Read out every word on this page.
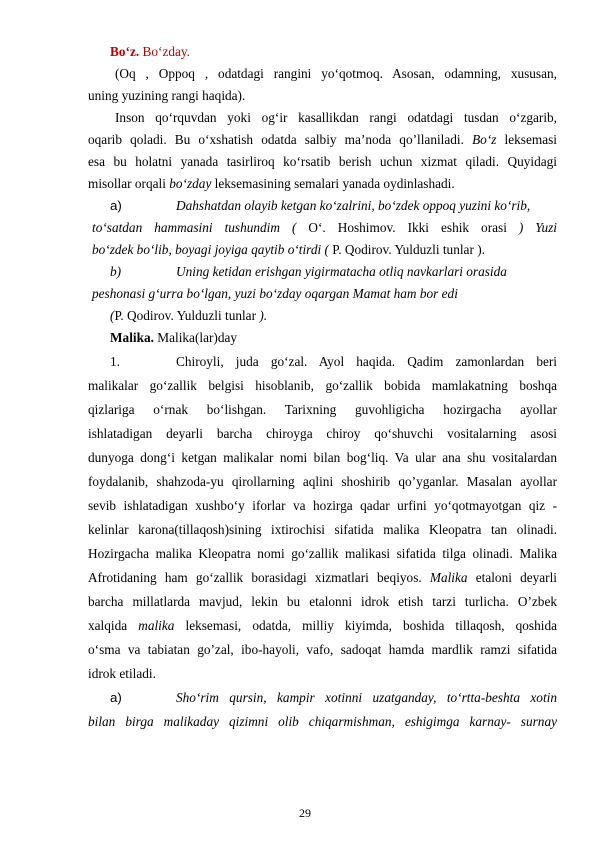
Bo‘z. Bo‘zday.
(Oq , Oppoq , odatdagi rangini yo‘qotmoq. Asosan, odamning, xususan,
uning yuzining rangi haqida).
Inson qo‘rquvdan yoki og‘ir kasallikdan rangi odatdagi tusdan o‘zgarib,
oqarib qoladi. Bu o‘xshatish odatda salbiy ma’noda qo’llaniladi. Bo‘z leksemasi
esa bu holatni yanada tasirliroq ko‘rsatib berish uchun xizmat qiladi. Quyidagi
misollar orqali bo‘zday leksemasining semalari yanada oydinlashadi.
a)	Dahshatdan olayib ketgan ko‘zalrini, bo‘zdek oppoq yuzini ko‘rib,
to‘satdan hammasini tushundim ( O‘. Hoshimov. Ikki eshik orasi ) Yuzi
bo‘zdek bo‘lib, boyagi joyiga qaytib o‘tirdi ( P. Qodirov. Yulduzli tunlar ).
b)	Uning ketidan erishgan yigirmatacha otliq navkarlari orasida
peshonasi g‘urra bo‘lgan, yuzi bo‘zday oqargan Mamat ham bor edi
(P. Qodirov. Yulduzli tunlar ).
Malika. Malika(lar)day
1.	Chiroyli, juda go‘zal. Ayol haqida. Qadim zamonlardan beri
malikalar go‘zallik belgisi hisoblanib, go‘zallik bobida mamlakatning boshqa
qizlariga o‘rnak bo‘lishgan. Tarixning guvohligicha hozirgacha ayollar
ishlatadigan deyarli barcha chiroyga chiroy qo‘shuvchi vositalarning asosi
dunyoga dong‘i ketgan malikalar nomi bilan bog‘liq. Va ular ana shu vositalardan
foydalanib, shahzoda-yu qirollarning aqlini shoshirib qo’yganlar. Masalan ayollar
sevib ishlatadigan xushbo‘y iforlar va hozirga qadar urfini yo‘qotmayotgan qiz -
kelinlar karona(tillaqosh)sining ixtirochisi sifatida malika Kleopatra tan olinadi.
Hozirgacha malika Kleopatra nomi go‘zallik malikasi sifatida tilga olinadi. Malika
Afrotidaning ham go‘zallik borasidagi xizmatlari beqiyos. Malika etaloni deyarli
barcha millatlarda mavjud, lekin bu etalonni idrok etish tarzi turlicha. O’zbek
xalqida malika leksemasi, odatda, milliy kiyimda, boshida tillaqosh, qoshida
o‘sma va tabiatan go’zal, ibo-hayoli, vafo, sadoqat hamda mardlik ramzi sifatida
idrok etiladi.
a)	Sho‘rim qursin, kampir xotinni uzatganday, to‘rtta-beshta xotin
bilan birga malikaday qizimni olib chiqarmishman, eshigimga karnay- surnay
29
